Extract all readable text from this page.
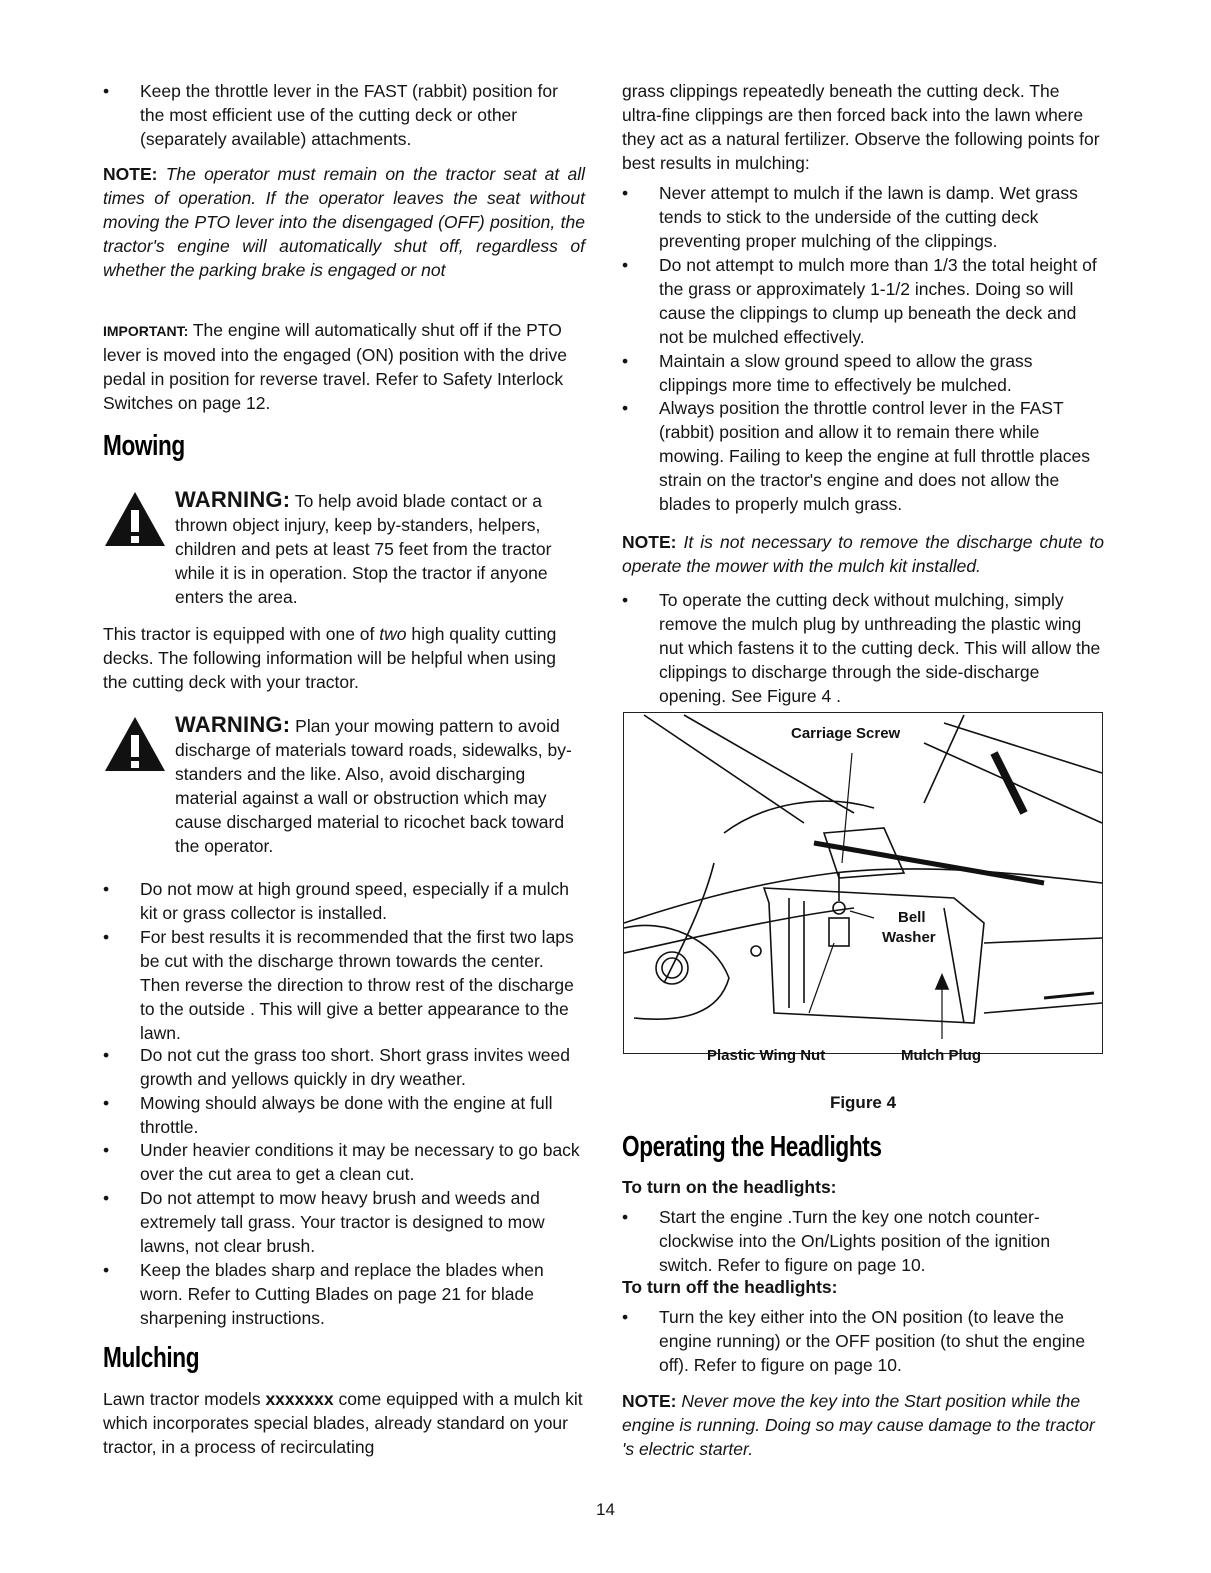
• Keep the throttle lever in the FAST (rabbit) position for the most efficient use of the cutting deck or other (separately available) attachments.

NOTE: The operator must remain on the tractor seat at all times of operation. If the operator leaves the seat without moving the PTO lever into the disengaged (OFF) position, the tractor's engine will automatically shut off, regardless of whether the parking brake is engaged or not

IMPORTANT: The engine will automatically shut off if the PTO lever is moved into the engaged (ON) position with the drive pedal in position for reverse travel. Refer to Safety Interlock Switches on page 12.

Mowing

WARNING: To help avoid blade contact or a thrown object injury, keep by-standers, helpers, children and pets at least 75 feet from the tractor while it is in operation. Stop the tractor if anyone enters the area.

This tractor is equipped with one of two high quality cutting decks. The following information will be helpful when using the cutting deck with your tractor.

WARNING: Plan your mowing pattern to avoid discharge of materials toward roads, sidewalks, by-standers and the like. Also, avoid discharging material against a wall or obstruction which may cause discharged material to ricochet back toward the operator.

• Do not mow at high ground speed, especially if a mulch kit or grass collector is installed.
• For best results it is recommended that the first two laps be cut with the discharge thrown towards the center. Then reverse the direction to throw rest of the discharge to the outside . This will give a better appearance to the lawn.
• Do not cut the grass too short. Short grass invites weed growth and yellows quickly in dry weather.
• Mowing should always be done with the engine at full throttle.
• Under heavier conditions it may be necessary to go back over the cut area to get a clean cut.
• Do not attempt to mow heavy brush and weeds and extremely tall grass. Your tractor is designed to mow lawns, not clear brush.
• Keep the blades sharp and replace the blades when worn. Refer to Cutting Blades on page 21 for blade sharpening instructions.
Mulching

Lawn tractor models xxxxxxx come equipped with a mulch kit which incorporates special blades, already standard on your tractor, in a process of recirculating

grass clippings repeatedly beneath the cutting deck. The ultra-fine clippings are then forced back into the lawn where they act as a natural fertilizer. Observe the following points for best results in mulching:

• Never attempt to mulch if the lawn is damp. Wet grass tends to stick to the underside of the cutting deck preventing proper mulching of the clippings.
• Do not attempt to mulch more than 1/3 the total height of the grass or approximately 1-1/2 inches. Doing so will cause the clippings to clump up beneath the deck and not be mulched effectively.
• Maintain a slow ground speed to allow the grass clippings more time to effectively be mulched.
• Always position the throttle control lever in the FAST (rabbit) position and allow it to remain there while mowing. Failing to keep the engine at full throttle places strain on the tractor's engine and does not allow the blades to properly mulch grass.

NOTE: It is not necessary to remove the discharge chute to operate the mower with the mulch kit installed.

• To operate the cutting deck without mulching, simply remove the mulch plug by unthreading the plastic wing nut which fastens it to the cutting deck. This will allow the clippings to discharge through the side-discharge opening. See Figure 4 .
Carriage Screw
Bell
Washer
Plastic Wing Nut	Mulch Plug
Figure 4
Operating the Headlights

To turn on the headlights:

• Start the engine .Turn the key one notch counter-clockwise into the On/Lights position of the ignition switch. Refer to figure on page 10.

To turn off the headlights:

• Turn the key either into the ON position (to leave the engine running) or the OFF position (to shut the engine off). Refer to figure on page 10.

NOTE: Never move the key into the Start position while the engine is running. Doing so may cause damage to the tractor 's electric starter.

14
